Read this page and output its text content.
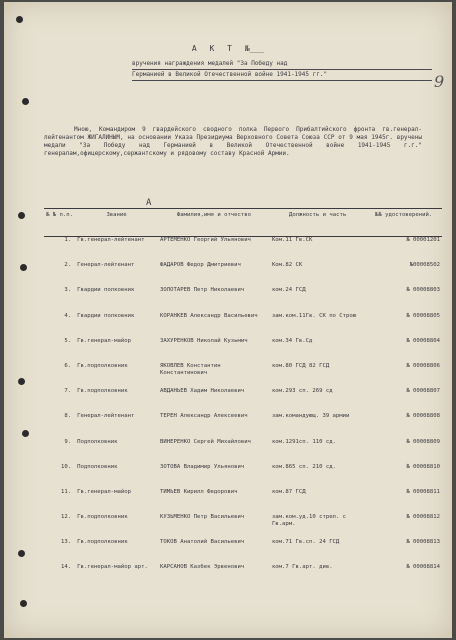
А К Т №___
вручения награждения медалей "За Победу над
Германией в Великой Отечественной войне 1941-1945 гг."	9
Мною, Командиром 9 гвардейского сводного полка Первого Прибалтийского фронта гв.генерал-лейтенантом ЖИГАЛИНЫМ, на основании Указа Президиума Верховного Совета Союза ССР от 9 мая 1945г. вручены медали "За Победу над Германией в Великой Отечественной войне 1941-1945 г.г." генералам,офицерскому,сержантскому и рядовому составу Красной Армии.
А
№ № п.п.	Звание	Фамилия,имя и отчество	Должность и часть	№№ удостоверений.
1.	Гв.генерал-лейтенант	АРТЕМЕНКО Георгий Ульянович	Ком.11 Гв.СК	№ 00001201
2.	Генерал-лейтенант	ФАДАРОВ Федор Дмитриевич	Ком.82 СК	№00008502
3.	Гвардии полковник	ЗОЛОТАРЕВ Петр Николаевич	ком.24 ГСД	№ 00008803
4.	Гвардии полковник	КОРАНКЕВ Александр Васильевич	зам.ком.11Гв. СК по Строю	№ 00008805
5.	Гв.генерал-майор	ЗАХУРЕНКОВ Николай Кузьмич	ком.34 Гв.Сд	№ 00008804
6.	Гв.подполковник	ЯКОВЛЕВ Константин Константинович	ком.80 ГСД 82 ГСД	№ 00008806
7.	Гв.подполковник	АВДАНЬЕВ Хадим Николаевич	ком.293 сп. 269 сд	№ 00008807
8.	Генерал-лейтенант	ТЕРЕН Александр Алексеевич	зам.командующ. 39 армии	№ 00008808
9.	Подполковник	ВИНЕРЕНКО Сергей Михайлович	ком.1291сп. 110 сд.	№ 00008809
10.	Подполковник	ЗОТОВА Владимир Ульянович	ком.865 сп. 210 сд.	№ 00008810
11.	Гв.генерал-майор	ТИМЬЕВ Кирилл Федорович	ком.87 ГСД	№ 00008811
12.	Гв.подполковник	КУЗЬМЕНКО Петр Васильевич	зам.ком.уд.10 стрел. с Гв.арм.	№ 00008812
13.	Гв.подполковник	ТОКОВ Анатолий Васильевич	ком.71 Гв.сп. 24 ГСД	№ 00008813
14.	Гв.генерал-майор арт.	КАРСАНОВ Казбек Эрвенович	ком.7 Гв.арт. див.	№ 00008814
